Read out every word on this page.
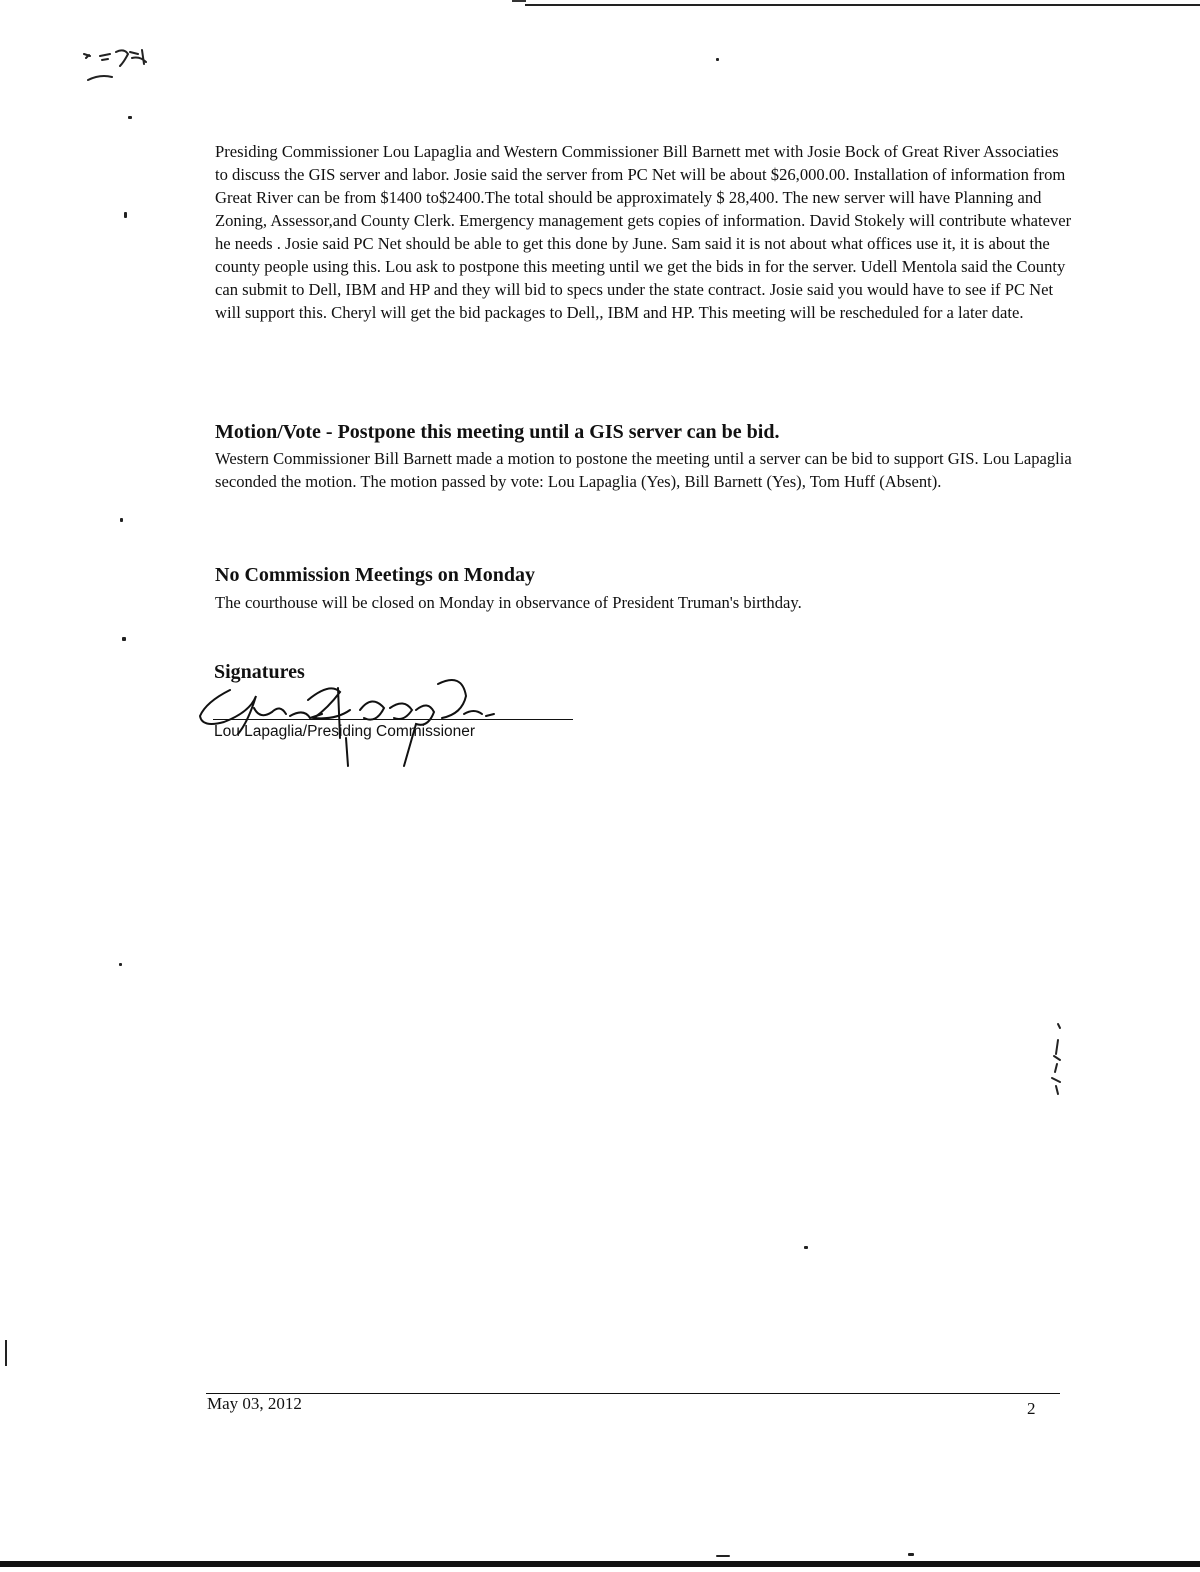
Presiding Commissioner Lou Lapaglia and Western Commissioner Bill Barnett met with Josie Bock of Great River Associaties to discuss the GIS server and labor. Josie said the server from PC Net will be about $26,000.00. Installation of information from Great River can be from $1400 to$2400.The total should be approximately $ 28,400. The new server will have Planning and Zoning, Assessor,and County Clerk. Emergency management gets copies of information. David Stokely will contribute whatever he needs . Josie said PC Net should be able to get this done by June. Sam said it is not about what offices use it, it is about the county people using this. Lou ask to postpone this meeting until we get the bids in for the server. Udell Mentola said the County can submit to Dell, IBM and HP and they will bid to specs under the state contract. Josie said you would have to see if PC Net will support this. Cheryl will get the bid packages to Dell,, IBM and HP. This meeting will be rescheduled for a later date.

Motion/Vote - Postpone this meeting until a GIS server can be bid.

Western Commissioner Bill Barnett made a motion to postone the meeting until a server can be bid to support GIS. Lou Lapaglia seconded the motion. The motion passed by vote: Lou Lapaglia (Yes), Bill Barnett (Yes), Tom Huff (Absent).

No Commission Meetings on Monday

The courthouse will be closed on Monday in observance of President Truman's birthday.

Signatures
Lou Lapaglia/Presiding Commissioner
May 03, 2012	2
